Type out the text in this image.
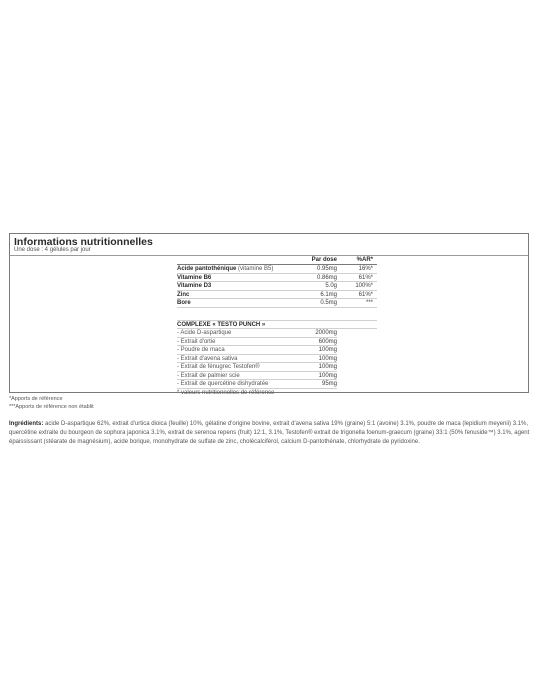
Informations nutritionnelles
Une dose : 4 gélules par jour
Par dose	%AR*
Acide pantothénique (vitamine B5)	0.95mg	16%*
Vitamine B6	0.86mg	61%*
Vitamine D3	5.0g	100%*
Zinc	6.1mg	61%*
Bore	0.5mg	***
COMPLEXE « TESTO PUNCH »
- Acide D-aspartique	2000mg
- Extrait d'ortie	600mg
- Poudre de maca	100mg
- Extrait d'avena sativa	100mg
- Extrait de fénugrec Testofen®	100mg
- Extrait de palmier scie	100mg
- Extrait de quercétine dishydratée	95mg
* valeurs nutritionnelles de référence
*Apports de référence
***Apports de référence non établit
Ingrédients: acide D-aspartique 62%, extrait d'urtica dioica (feuille) 10%, gélatine d'origine bovine, extrait d'avena sativa 19% (graine) 5:1 (avoine) 3.1%, poudre de maca (lepidium meyenii) 3.1%, quercétine extraite du bourgeon de sophora japonica 3.1%, extrait de serenoa repens (fruit) 12:1, 3.1%, Testofen® extrait de trigonella foenum-graecum (graine) 33:1 (50% fenuside™) 3.1%, agent épaississant (stéarate de magnésium), acide borique, monohydrate de sulfate de zinc, cholécalciférol, calcium D-pantothénate, chlorhydrate de pyridoxine.
